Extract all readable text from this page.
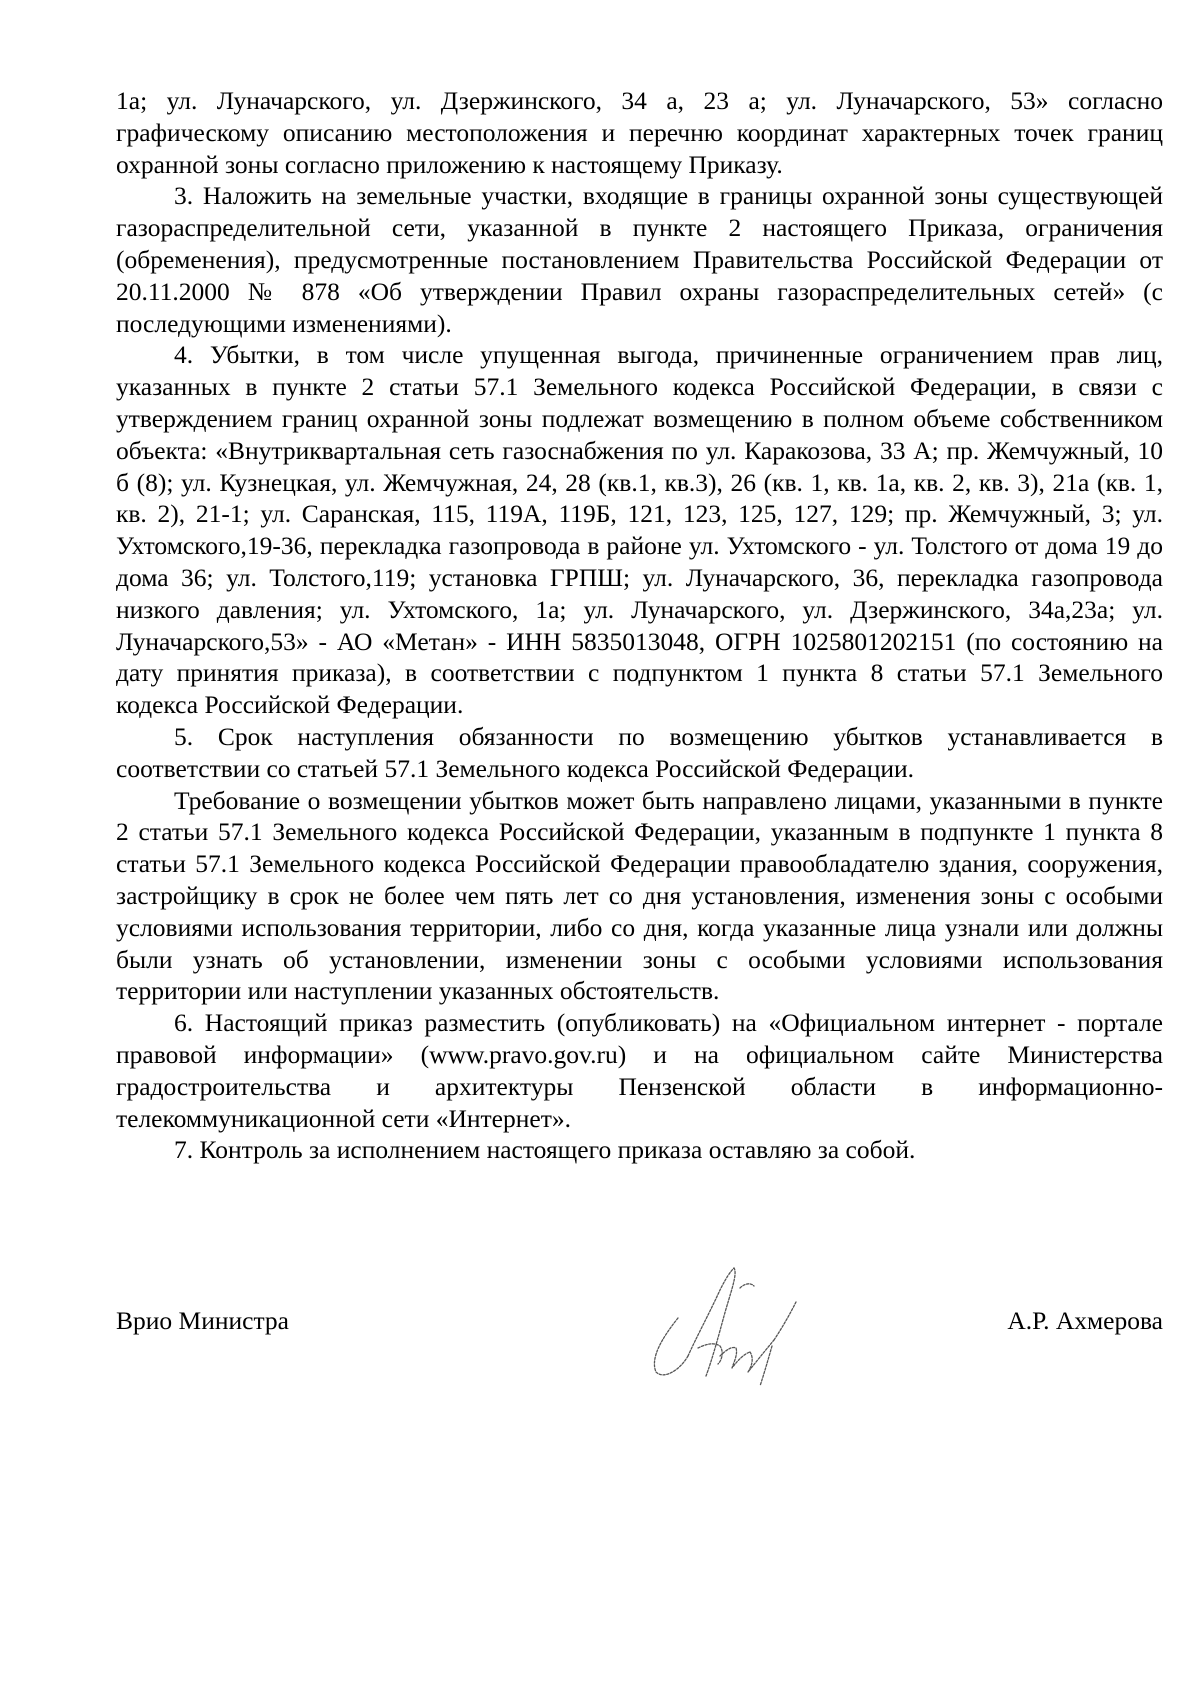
1а; ул. Луначарского, ул. Дзержинского, 34 а, 23 а; ул. Луначарского, 53» согласно графическому описанию местоположения и перечню координат характерных точек границ охранной зоны согласно приложению к настоящему Приказу.

3. Наложить на земельные участки, входящие в границы охранной зоны существующей газораспределительной сети, указанной в пункте 2 настоящего Приказа, ограничения (обременения), предусмотренные постановлением Правительства Российской Федерации от 20.11.2000 № 878 «Об утверждении Правил охраны газораспределительных сетей» (с последующими изменениями).

4. Убытки, в том числе упущенная выгода, причиненные ограничением прав лиц, указанных в пункте 2 статьи 57.1 Земельного кодекса Российской Федерации, в связи с утверждением границ охранной зоны подлежат возмещению в полном объеме собственником объекта: «Внутриквартальная сеть газоснабжения по ул. Каракозова, 33 А; пр. Жемчужный, 10 б (8); ул. Кузнецкая, ул. Жемчужная, 24, 28 (кв.1, кв.3), 26 (кв. 1, кв. 1а, кв. 2, кв. 3), 21а (кв. 1, кв. 2), 21-1; ул. Саранская, 115, 119А, 119Б, 121, 123, 125, 127, 129; пр. Жемчужный, 3; ул. Ухтомского,19-36, перекладка газопровода в районе ул. Ухтомского - ул. Толстого от дома 19 до дома 36; ул. Толстого,119; установка ГРПШ; ул. Луначарского, 36, перекладка газопровода низкого давления; ул. Ухтомского, 1а; ул. Луначарского, ул. Дзержинского, 34а,23а; ул. Луначарского,53» - АО «Метан» - ИНН 5835013048, ОГРН 1025801202151 (по состоянию на дату принятия приказа), в соответствии с подпунктом 1 пункта 8 статьи 57.1 Земельного кодекса Российской Федерации.

5. Срок наступления обязанности по возмещению убытков устанавливается в соответствии со статьей 57.1 Земельного кодекса Российской Федерации.

Требование о возмещении убытков может быть направлено лицами, указанными в пункте 2 статьи 57.1 Земельного кодекса Российской Федерации, указанным в подпункте 1 пункта 8 статьи 57.1 Земельного кодекса Российской Федерации правообладателю здания, сооружения, застройщику в срок не более чем пять лет со дня установления, изменения зоны с особыми условиями использования территории, либо со дня, когда указанные лица узнали или должны были узнать об установлении, изменении зоны с особыми условиями использования территории или наступлении указанных обстоятельств.

6. Настоящий приказ разместить (опубликовать) на «Официальном интернет - портале правовой информации» (www.pravo.gov.ru) и на официальном сайте Министерства градостроительства и архитектуры Пензенской области в информационно-телекоммуникационной сети «Интернет».

7. Контроль за исполнением настоящего приказа оставляю за собой.

Врио Министра	А.Р. Ахмерова
